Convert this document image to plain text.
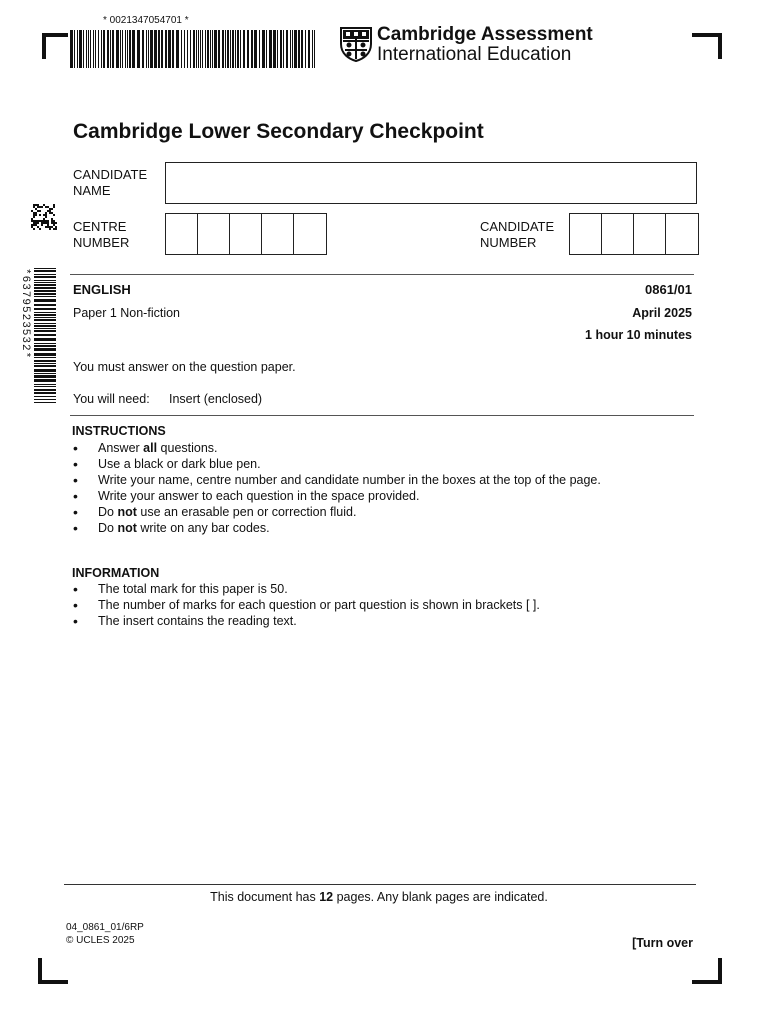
* 0021347054701 *
Cambridge Assessment
International Education
Cambridge Lower Secondary Checkpoint
*6379523532*
CANDIDATE NAME
CENTRE
NUMBER
CANDIDATE
NUMBER
ENGLISH	0861/01
Paper 1 Non-fiction	April 2025
1 hour 10 minutes
You must answer on the question paper.
You will need: Insert (enclosed)
INSTRUCTIONS
• Answer all questions.
• Use a black or dark blue pen.
• Write your name, centre number and candidate number in the boxes at the top of the page.
• Write your answer to each question in the space provided.
• Do not use an erasable pen or correction fluid.
• Do not write on any bar codes.
INFORMATION
• The total mark for this paper is 50.
• The number of marks for each question or part question is shown in brackets [ ].
• The insert contains the reading text.
This document has 12 pages. Any blank pages are indicated.
04_0861_01/6RP
© UCLES 2025	[Turn over
